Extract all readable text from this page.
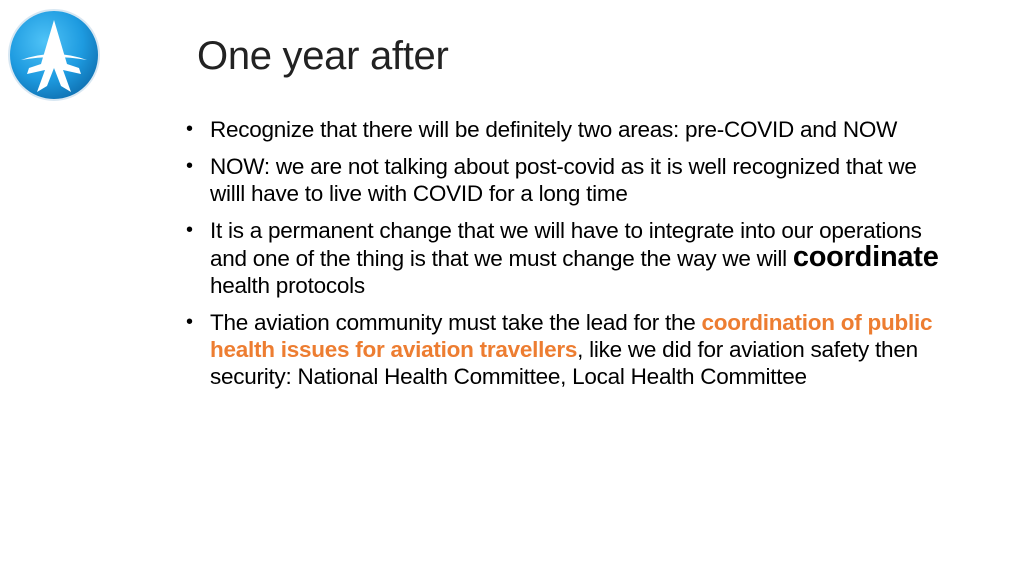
One year after
• Recognize that there will be definitely two areas: pre-COVID and NOW
• NOW: we are not talking about post-covid as it is well recognized that we willl have to live with COVID for a long time
• It is a permanent change that we will have to integrate into our operations and one of the thing is that we must change the way we will coordinate health protocols
• The aviation community must take the lead for the coordination of public health issues for aviation travellers, like we did for aviation safety then security: National Health Committee, Local Health Committee
